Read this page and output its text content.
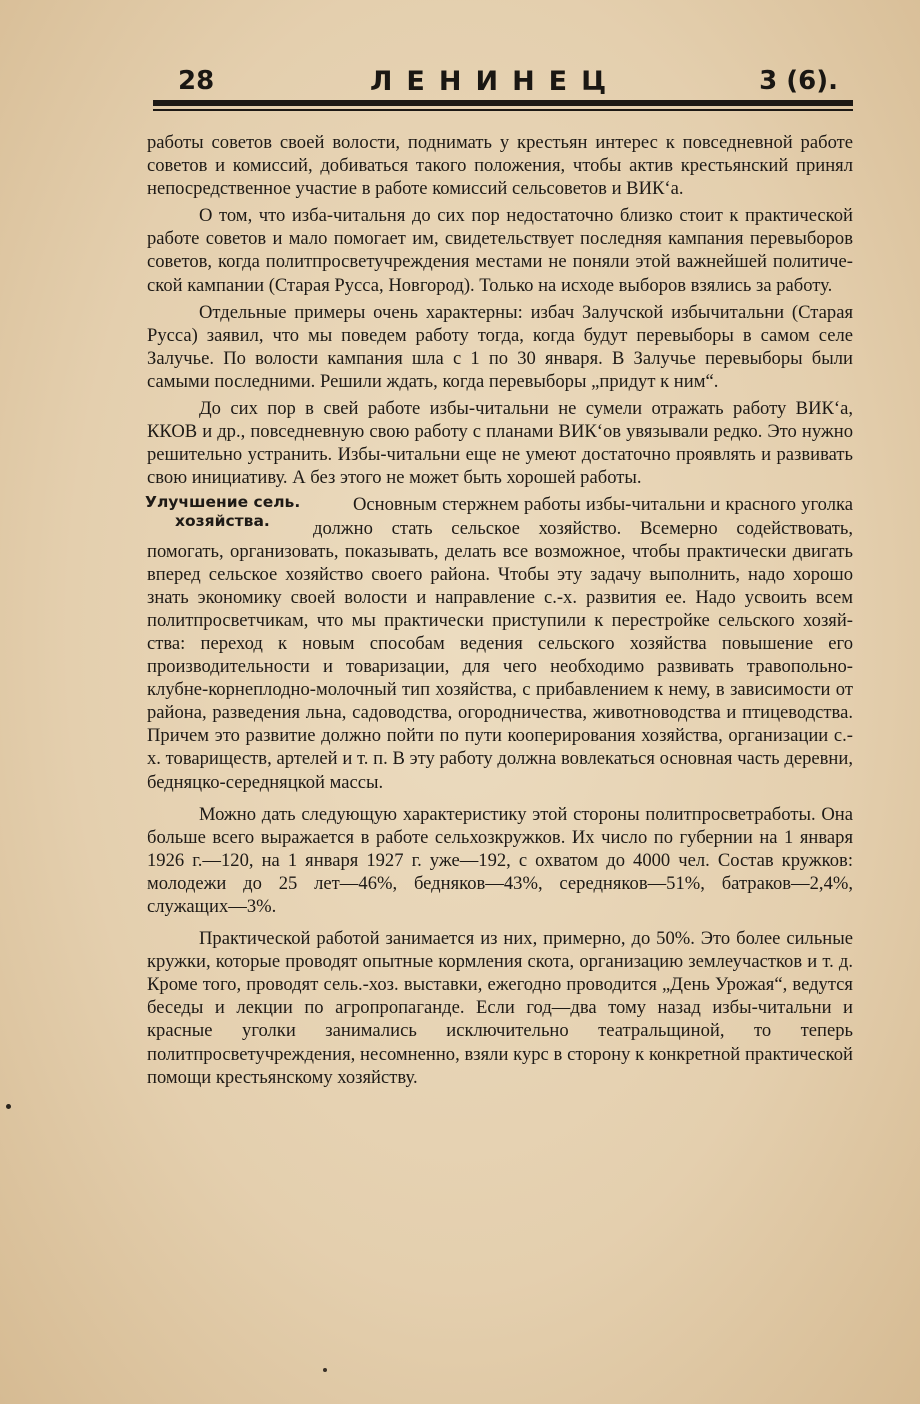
28	ЛЕНИНЕЦ	3 (6).

работы советов своей волости, поднимать у крестьян интерес к повседневной работе советов и комиссий, добиваться такого положения, чтобы актив крестьянский принял непосредственное участие в работе комиссий сельсоветов и ВИК‘а.

О том, что изба-читальня до сих пор недостаточно близко стоит к практической работе советов и мало помогает им, свидетельствует последняя кампания перевыборов советов, когда политпросветучреждения местами не поняли этой важнейшей политической кампании (Старая Русса, Новгород). Только на исходе выборов взялись за работу.

Отдельные примеры очень характерны: избач Залучской избычитальни (Старая Русса) заявил, что мы поведем работу тогда, когда будут перевыборы в самом селе Залучье. По волости кампания шла с 1 по 30 января. В Залучье перевыборы были самыми последними. Решили ждать, когда перевыборы „придут к ним“.

До сих пор в свей работе избы-читальни не сумели отражать работу ВИК‘а, ККОВ и др., повседневную свою работу с планами ВИК‘ов увязывали редко. Это нужно решительно устранить. Избы-читальни еще не умеют достаточно проявлять и развивать свою инициативу. А без этого не может быть хорошей работы.

Улучшение сель.
хозяйства.
Основным стержнем работы избы-читальни и красного уголка должно стать сельское хозяйство. Всемерно содействовать, помогать, организовать, показывать, делать все возможное, чтобы практически двигать вперед сельское хозяйство своего района. Чтобы эту задачу выполнить, надо хорошо знать экономику своей волости и направление с.-х. развития ее. Надо усвоить всем политпросветчикам, что мы практически приступили к перестройке сельского хозяйства: переход к новым способам ведения сельского хозяйства повышение его производительности и товаризации, для чего необходимо развивать травопольно-клубне-корнеплодно-молочный тип хозяйства, с прибавлением к нему, в зависимости от района, разведения льна, садоводства, огородничества, животноводства и птицеводства. Причем это развитие должно пойти по пути кооперирования хозяйства, организации с.-х. товариществ, артелей и т. п. В эту работу должна вовлекаться основная часть деревни, бедняцко-середняцкой массы.

Можно дать следующую характеристику этой стороны политпросветработы. Она больше всего выражается в работе сельхозкружков. Их число по губернии на 1 января 1926 г.—120, на 1 января 1927 г. уже—192, с охватом до 4000 чел. Состав кружков: молодежи до 25 лет—46%, бедняков—43%, середняков—51%, батраков—2,4%, служащих—3%.

Практической работой занимается из них, примерно, до 50%. Это более сильные кружки, которые проводят опытные кормления скота, организацию землеучастков и т. д. Кроме того, проводят сель.-хоз. выставки, ежегодно проводится „День Урожая“, ведутся беседы и лекции по агропропаганде. Если год—два тому назад избы-читальни и красные уголки занимались исключительно театральщиной, то теперь политпросветучреждения, несомненно, взяли курс в сторону к конкретной практической помощи крестьянскому хозяйству.
